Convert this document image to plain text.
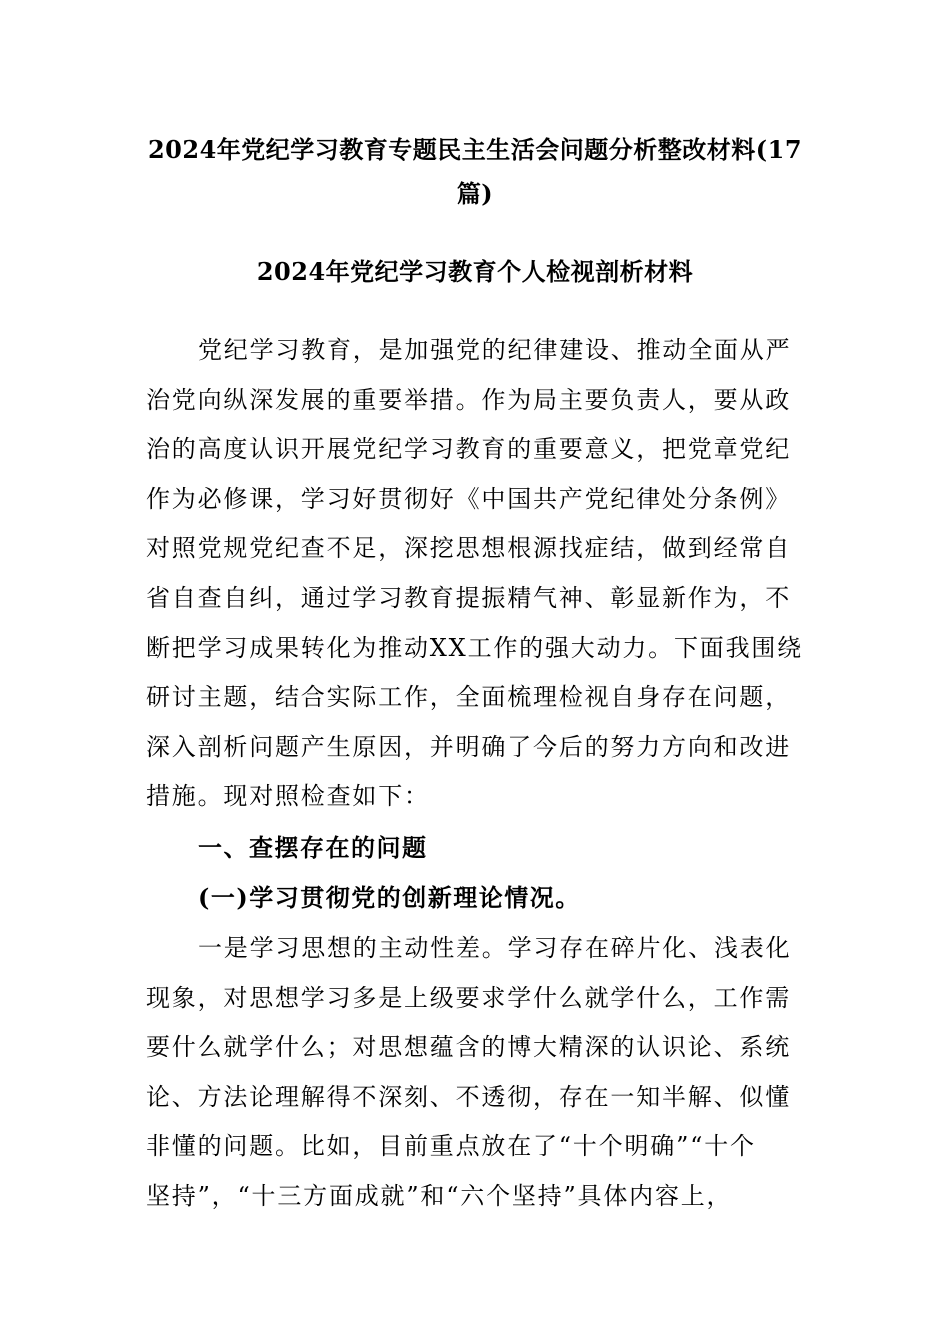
2024年党纪学习教育专题民主生活会问题分析整改材料(17
篇)
2024年党纪学习教育个人检视剖析材料
党纪学习教育，是加强党的纪律建设、推动全面从严
治党向纵深发展的重要举措。作为局主要负责人，要从政
治的高度认识开展党纪学习教育的重要意义，把党章党纪
作为必修课，学习好贯彻好《中国共产党纪律处分条例》
对照党规党纪查不足，深挖思想根源找症结，做到经常自
省自查自纠，通过学习教育提振精气神、彰显新作为，不
断把学习成果转化为推动XX工作的强大动力。下面我围绕
研讨主题，结合实际工作，全面梳理检视自身存在问题，
深入剖析问题产生原因，并明确了今后的努力方向和改进
措施。现对照检查如下：
一、查摆存在的问题
(一)学习贯彻党的创新理论情况。
一是学习思想的主动性差。学习存在碎片化、浅表化
现象，对思想学习多是上级要求学什么就学什么，工作需
要什么就学什么；对思想蕴含的博大精深的认识论、系统
论、方法论理解得不深刻、不透彻，存在一知半解、似懂
非懂的问题。比如，目前重点放在了“十个明确”“十个
坚持”，“十三方面成就”和“六个坚持”具体内容上，
